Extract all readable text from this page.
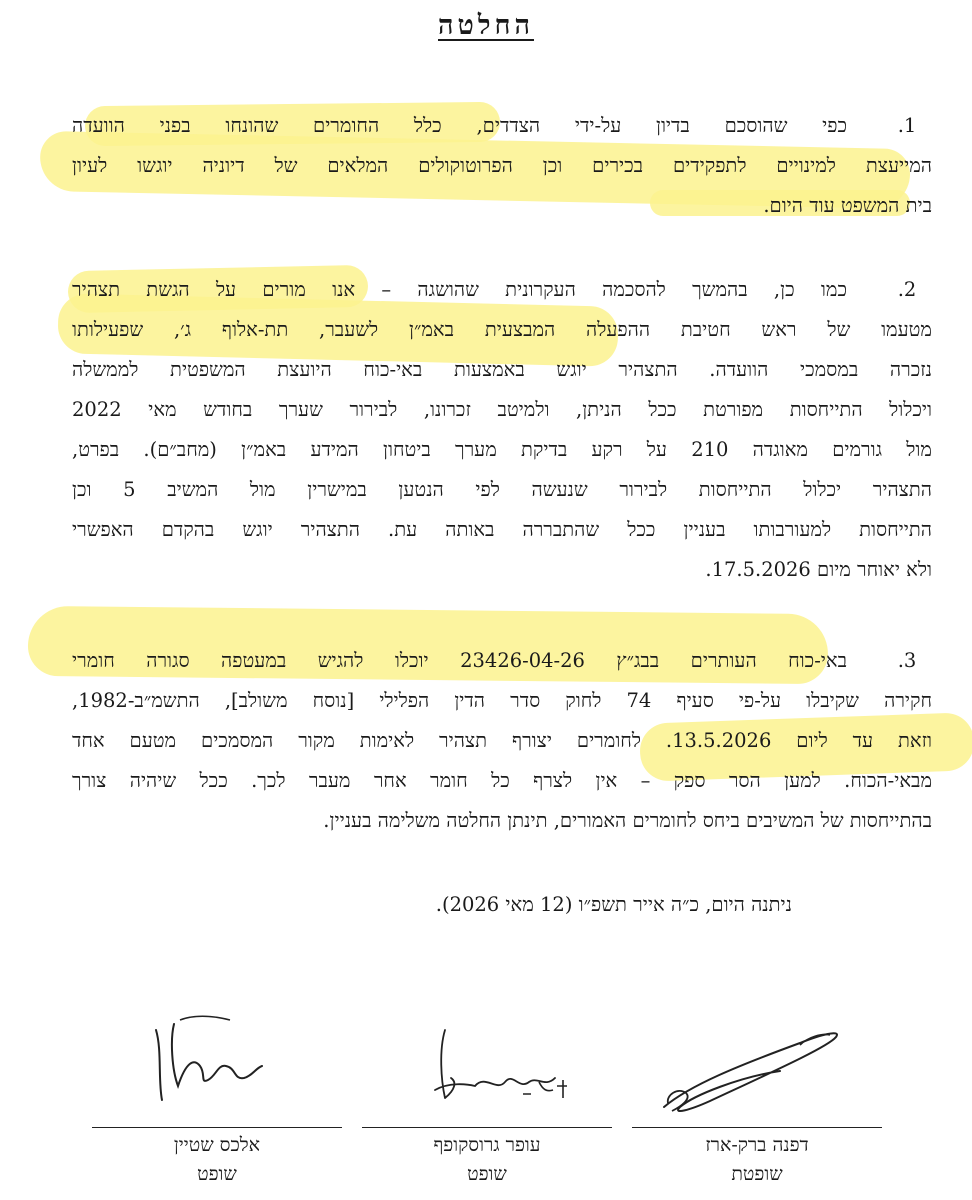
החלטה
1.
כפי שהוסכם בדיון על-ידי הצדדים, כלל החומרים שהונחו בפני הוועדה
המייעצת למינויים לתפקידים בכירים וכן הפרוטוקולים המלאים של דיוניה יוגשו לעיון
בית המשפט עוד היום.
2.
כמו כן, בהמשך להסכמה העקרונית שהושגה – אנו מורים על הגשת תצהיר
מטעמו של ראש חטיבת ההפעלה המבצעית באמ״ן לשעבר, תת-אלוף ג׳, שפעילותו
נזכרה במסמכי הוועדה. התצהיר יוגש באמצעות באי-כוח היועצת המשפטית לממשלה
ויכלול התייחסות מפורטת ככל הניתן, ולמיטב זכרונו, לבירור שערך בחודש מאי 2022
מול גורמים מאוגדה 210 על רקע בדיקת מערך ביטחון המידע באמ״ן (מחב״ם). בפרט,
התצהיר יכלול התייחסות לבירור שנעשה לפי הנטען במישרין מול המשיב 5 וכן
התייחסות למעורבותו בעניין ככל שהתבררה באותה עת. התצהיר יוגש בהקדם האפשרי
ולא יאוחר מיום 17.5.2026.
3.
באי-כוח העותרים בבג״ץ 23426-04-26 יוכלו להגיש במעטפה סגורה חומרי
חקירה שקיבלו על-פי סעיף 74 לחוק סדר הדין הפלילי [נוסח משולב], התשמ״ב-1982,
וזאת עד ליום 13.5.2026. לחומרים יצורף תצהיר לאימות מקור המסמכים מטעם אחד
מבאי-הכוח. למען הסר ספק – אין לצרף כל חומר אחר מעבר לכך. ככל שיהיה צורך
בהתייחסות של המשיבים ביחס לחומרים האמורים, תינתן החלטה משלימה בעניין.
ניתנה היום, כ״ה אייר תשפ״ו (12 מאי 2026).
דפנה ברק-ארז
שופטת
עופר גרוסקופף
שופט
אלכס שטיין
שופט
